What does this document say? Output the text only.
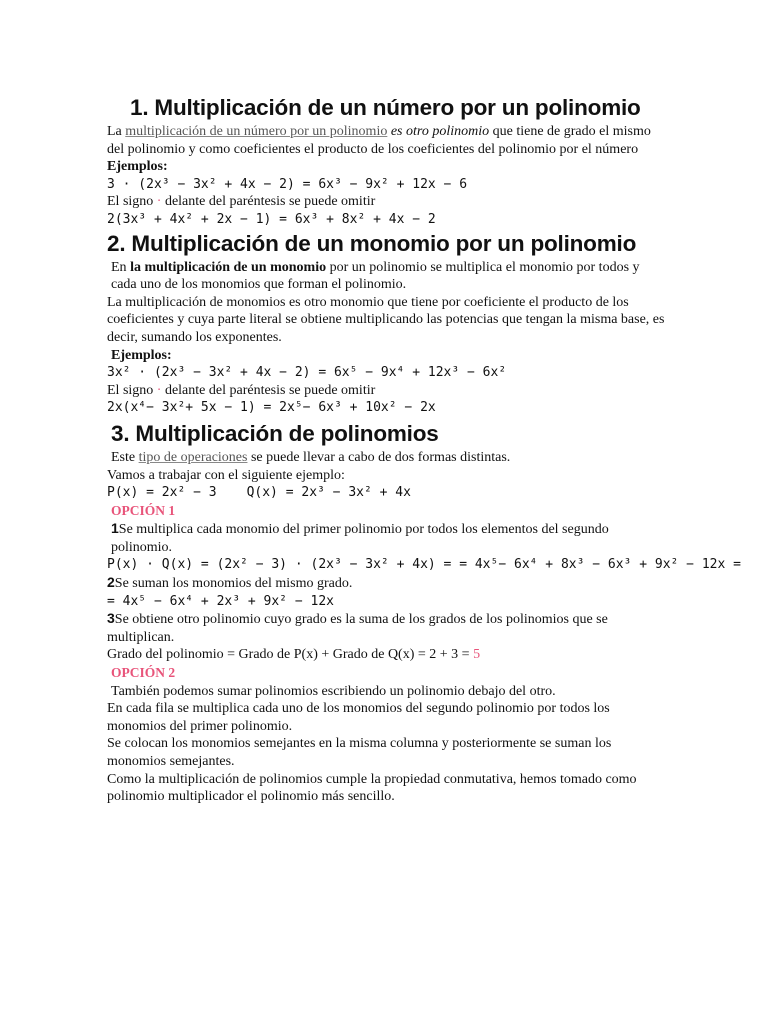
1. Multiplicación de un número por un polinomio

La multiplicación de un número por un polinomio es otro polinomio que tiene de grado el mismo del polinomio y como coeficientes el producto de los coeficientes del polinomio por el número

Ejemplos:

3 · (2x³ − 3x² + 4x − 2) = 6x³ − 9x² + 12x − 6

El signo · delante del paréntesis se puede omitir

2(3x³ + 4x² + 2x − 1) = 6x³ + 8x² + 4x − 2

2. Multiplicación de un monomio por un polinomio

En la multiplicación de un monomio por un polinomio se multiplica el monomio por todos y cada uno de los monomios que forman el polinomio.

La multiplicación de monomios es otro monomio que tiene por coeficiente el producto de los coeficientes y cuya parte literal se obtiene multiplicando las potencias que tengan la misma base, es decir, sumando los exponentes.

Ejemplos:

3x² · (2x³ − 3x² + 4x − 2) = 6x⁵ − 9x⁴ + 12x³ − 6x²

El signo · delante del paréntesis se puede omitir

2x(x⁴− 3x²+ 5x − 1) = 2x⁵− 6x³ + 10x² − 2x

3. Multiplicación de polinomios

Este tipo de operaciones se puede llevar a cabo de dos formas distintas.

Vamos a trabajar con el siguiente ejemplo:

P(x) = 2x² − 3 Q(x) = 2x³ − 3x² + 4x

OPCIÓN 1

1Se multiplica cada monomio del primer polinomio por todos los elementos del segundo polinomio.

P(x) · Q(x) = (2x² − 3) · (2x³ − 3x² + 4x) = = 4x⁵− 6x⁴ + 8x³ − 6x³ + 9x² − 12x =

2Se suman los monomios del mismo grado.

= 4x⁵ − 6x⁴ + 2x³ + 9x² − 12x

3Se obtiene otro polinomio cuyo grado es la suma de los grados de los polinomios que se multiplican.

Grado del polinomio = Grado de P(x) + Grado de Q(x) = 2 + 3 = 5

OPCIÓN 2

También podemos sumar polinomios escribiendo un polinomio debajo del otro.

En cada fila se multiplica cada uno de los monomios del segundo polinomio por todos los monomios del primer polinomio.

Se colocan los monomios semejantes en la misma columna y posteriormente se suman los monomios semejantes.

Como la multiplicación de polinomios cumple la propiedad conmutativa, hemos tomado como polinomio multiplicador el polinomio más sencillo.
